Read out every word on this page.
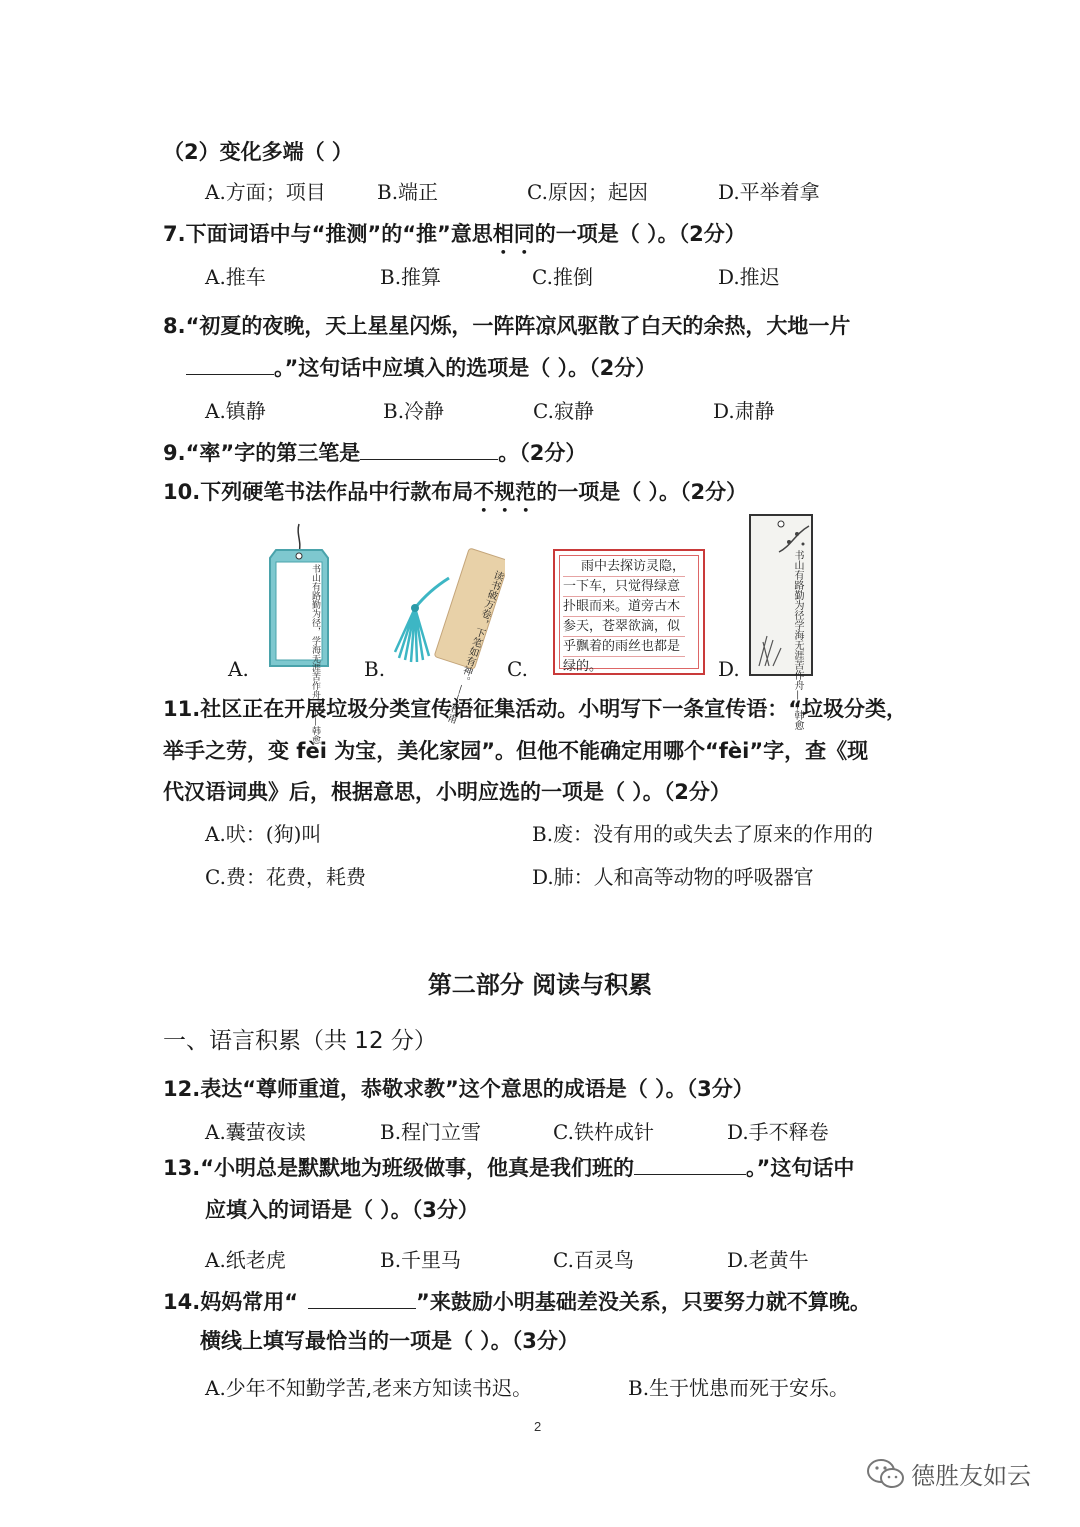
（2）变化多端（ ）
A.方面；项目	B.端正	C.原因；起因	D.平举着拿
7.下面词语中与“推测”的“推”意思相同的一项是（ ）。（2分）
A.推车	B.推算	C.推倒	D.推迟
8.“初夏的夜晚，天上星星闪烁，一阵阵凉风驱散了白天的余热，大地一片
。”这句话中应填入的选项是（ ）。（2分）
A.镇静	B.冷静	C.寂静	D.肃静
9.“率”字的第三笔是	。（2分）
10.下列硬笔书法作品中行款布局不规范的一项是（ ）。（2分）
书山有路勤为径，学海无涯苦作舟。——韩愈
A.	读书破万卷，下笔如有神。——杜甫
B.
雨中去探访灵隐，
一下车，只觉得绿意
扑眼而来。道旁古木
参天，苍翠欲滴，似
乎飘着的雨丝也都是
绿的。
C.	书山有路勤为径学海无涯苦作舟——韩愈
D.
11.社区正在开展垃圾分类宣传语征集活动。小明写下一条宣传语：“垃圾分类，
举手之劳，变 fèi 为宝，美化家园”。但他不能确定用哪个“fèi”字，查《现
代汉语词典》后，根据意思，小明应选的一项是（ ）。（2分）
A.吠：(狗)叫	B.废：没有用的或失去了原来的作用的
C.费：花费，耗费	D.肺：人和高等动物的呼吸器官
第二部分 阅读与积累
一、语言积累（共 12 分）
12.表达“尊师重道，恭敬求教”这个意思的成语是（ ）。（3分）
A.囊萤夜读	B.程门立雪	C.铁杵成针	D.手不释卷
13.“小明总是默默地为班级做事，他真是我们班的	。”这句话中
应填入的词语是（ ）。（3分）
A.纸老虎	B.千里马	C.百灵鸟	D.老黄牛
14.妈妈常用“	”来鼓励小明基础差没关系，只要努力就不算晚。
横线上填写最恰当的一项是（ ）。（3分）
A.少年不知勤学苦,老来方知读书迟。	B.生于忧患而死于安乐。
2
德胜友如云
